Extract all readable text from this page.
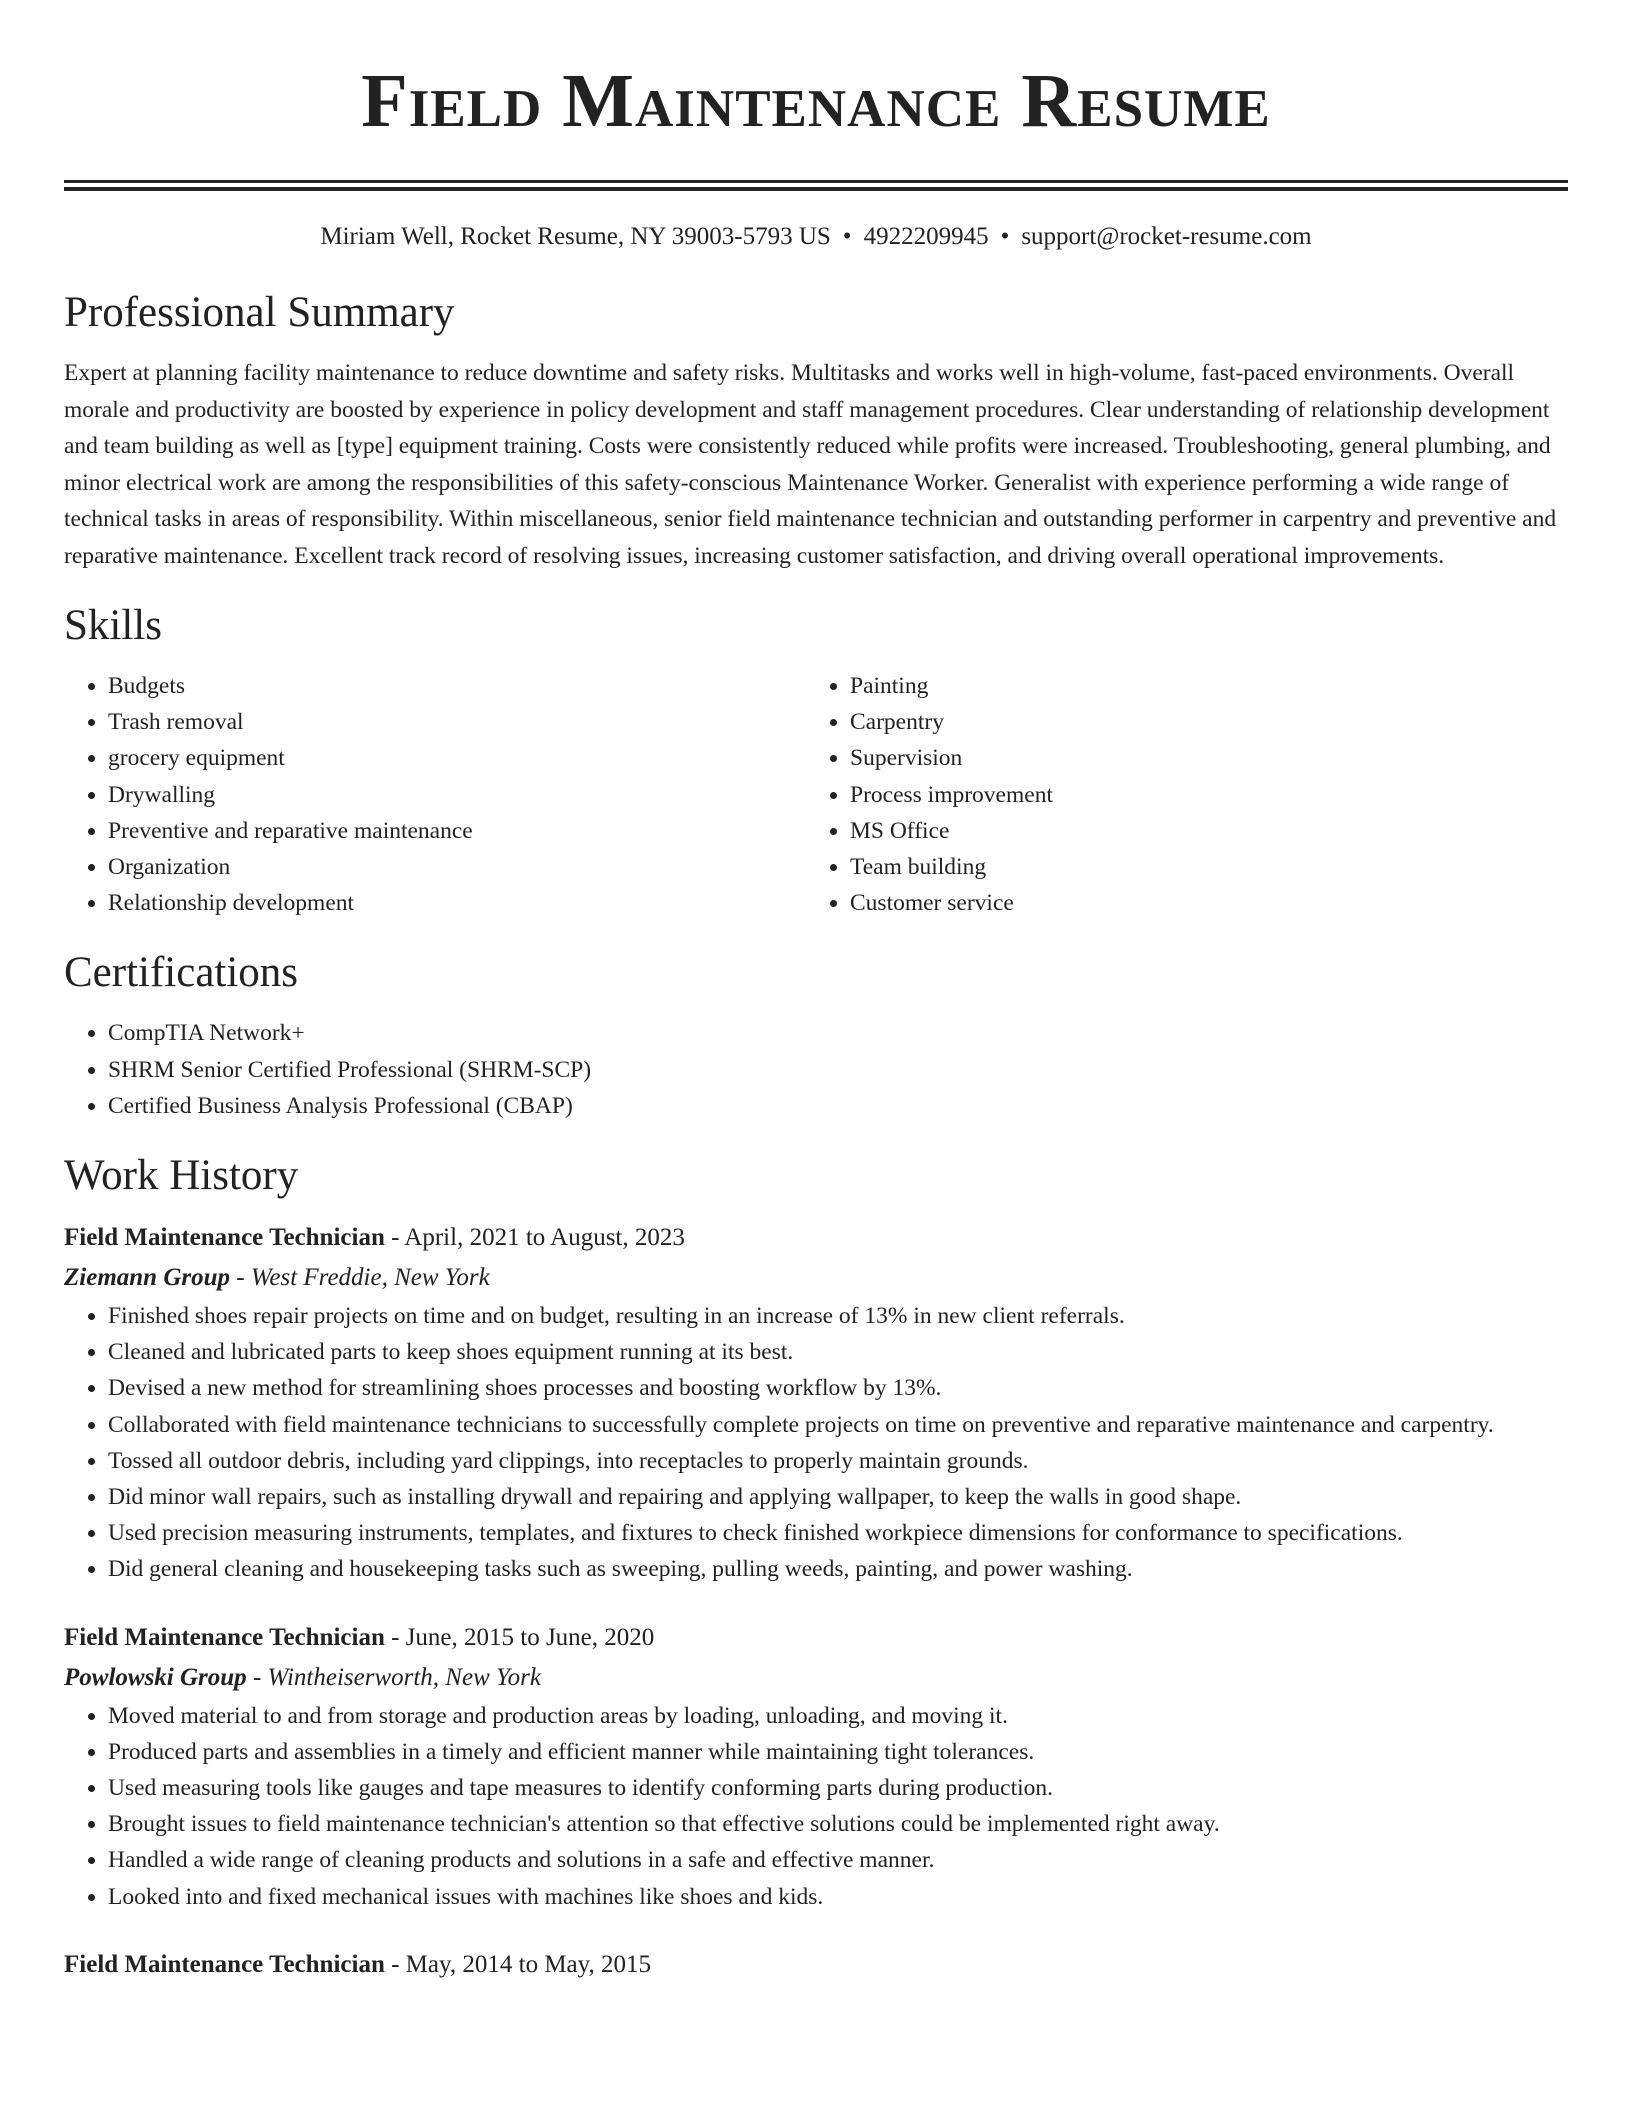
Field Maintenance Resume
Miriam Well, Rocket Resume, NY 39003-5793 US • 4922209945 • support@rocket-resume.com
Professional Summary

Expert at planning facility maintenance to reduce downtime and safety risks. Multitasks and works well in high-volume, fast-paced environments. Overall morale and productivity are boosted by experience in policy development and staff management procedures. Clear understanding of relationship development and team building as well as [type] equipment training. Costs were consistently reduced while profits were increased. Troubleshooting, general plumbing, and minor electrical work are among the responsibilities of this safety-conscious Maintenance Worker. Generalist with experience performing a wide range of technical tasks in areas of responsibility. Within miscellaneous, senior field maintenance technician and outstanding performer in carpentry and preventive and reparative maintenance. Excellent track record of resolving issues, increasing customer satisfaction, and driving overall operational improvements.

Skills
• Budgets
• Trash removal
• grocery equipment
• Drywalling
• Preventive and reparative maintenance
• Organization
• Relationship development
• Painting
• Carpentry
• Supervision
• Process improvement
• MS Office
• Team building
• Customer service
Certifications
• CompTIA Network+
• SHRM Senior Certified Professional (SHRM-SCP)
• Certified Business Analysis Professional (CBAP)
Work History

Field Maintenance Technician - April, 2021 to August, 2023

Ziemann Group - West Freddie, New York

• Finished shoes repair projects on time and on budget, resulting in an increase of 13% in new client referrals.
• Cleaned and lubricated parts to keep shoes equipment running at its best.
• Devised a new method for streamlining shoes processes and boosting workflow by 13%.
• Collaborated with field maintenance technicians to successfully complete projects on time on preventive and reparative maintenance and carpentry.
• Tossed all outdoor debris, including yard clippings, into receptacles to properly maintain grounds.
• Did minor wall repairs, such as installing drywall and repairing and applying wallpaper, to keep the walls in good shape.
• Used precision measuring instruments, templates, and fixtures to check finished workpiece dimensions for conformance to specifications.
• Did general cleaning and housekeeping tasks such as sweeping, pulling weeds, painting, and power washing.

Field Maintenance Technician - June, 2015 to June, 2020

Powlowski Group - Wintheiserworth, New York

• Moved material to and from storage and production areas by loading, unloading, and moving it.
• Produced parts and assemblies in a timely and efficient manner while maintaining tight tolerances.
• Used measuring tools like gauges and tape measures to identify conforming parts during production.
• Brought issues to field maintenance technician's attention so that effective solutions could be implemented right away.
• Handled a wide range of cleaning products and solutions in a safe and effective manner.
• Looked into and fixed mechanical issues with machines like shoes and kids.

Field Maintenance Technician - May, 2014 to May, 2015
